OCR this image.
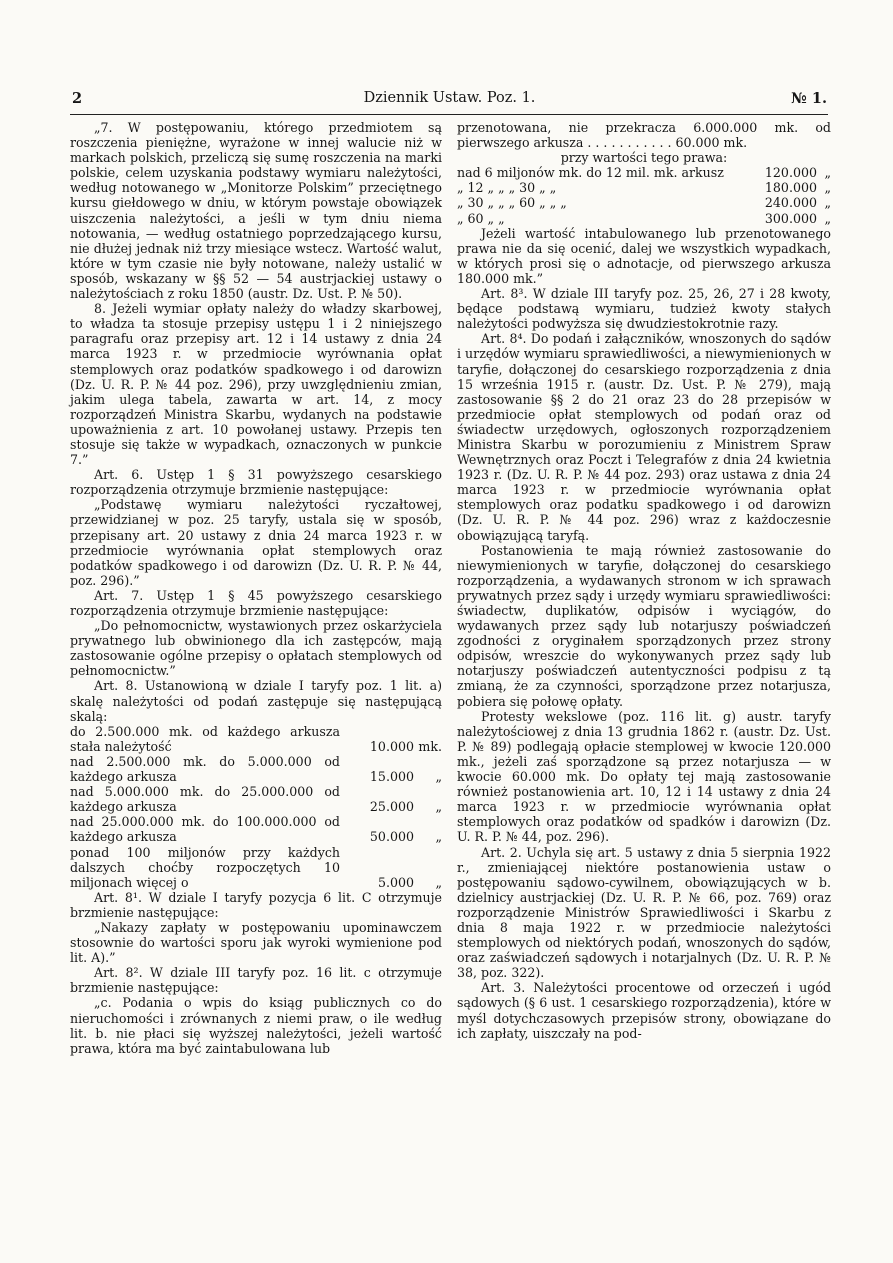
2	Dziennik Ustaw. Poz. 1.	№ 1.

„7. W postępowaniu, którego przedmiotem są roszczenia pieniężne, wyrażone w innej walucie niż w markach polskich, przeliczą się sumę roszczenia na marki polskie, celem uzyskania podstawy wymiaru należytości, według notowanego w „Monitorze Polskim” przeciętnego kursu giełdowego w dniu, w którym powstaje obowiązek uiszczenia należytości, a jeśli w tym dniu niema notowania, — według ostatniego poprzedzającego kursu, nie dłużej jednak niż trzy miesiące wstecz. Wartość walut, które w tym czasie nie były notowane, należy ustalić w sposób, wskazany w §§ 52 — 54 austrjackiej ustawy o należytościach z roku 1850 (austr. Dz. Ust. P. № 50).

8. Jeżeli wymiar opłaty należy do władzy skarbowej, to władza ta stosuje przepisy ustępu 1 i 2 niniejszego paragrafu oraz przepisy art. 12 i 14 ustawy z dnia 24 marca 1923 r. w przedmiocie wyrównania opłat stemplowych oraz podatków spadkowego i od darowizn (Dz. U. R. P. № 44 poz. 296), przy uwzględnieniu zmian, jakim ulega tabela, zawarta w art. 14, z mocy rozporządzeń Ministra Skarbu, wydanych na podstawie upoważnienia z art. 10 powołanej ustawy. Przepis ten stosuje się także w wypadkach, oznaczonych w punkcie 7.”

Art. 6. Ustęp 1 § 31 powyższego cesarskiego rozporządzenia otrzymuje brzmienie następujące:

„Podstawę wymiaru należytości ryczałtowej, przewidzianej w poz. 25 taryfy, ustala się w sposób, przepisany art. 20 ustawy z dnia 24 marca 1923 r. w przedmiocie wyrównania opłat stemplowych oraz podatków spadkowego i od darowizn (Dz. U. R. P. № 44, poz. 296).”

Art. 7. Ustęp 1 § 45 powyższego cesarskiego rozporządzenia otrzymuje brzmienie następujące:

„Do pełnomocnictw, wystawionych przez oskarżyciela prywatnego lub obwinionego dla ich zastępców, mają zastosowanie ogólne przepisy o opłatach stemplowych od pełnomocnictw.”

Art. 8. Ustanowioną w dziale I taryfy poz. 1 lit. a) skalę należytości od podań zastępuje się następującą skalą:

do 2.500.000 mk. od każdego arkusza stała należytość	10.000 mk.
nad 2.500.000 mk. do 5.000.000 od każdego arkusza	15.000	„
nad 5.000.000 mk. do 25.000.000 od każdego arkusza	25.000	„
nad 25.000.000 mk. do 100.000.000 od każdego arkusza	50.000	„
ponad 100 miljonów przy każdych dalszych choćby rozpoczętych 10 miljonach więcej o	5.000	„

Art. 8¹. W dziale I taryfy pozycja 6 lit. C otrzymuje brzmienie następujące:

„Nakazy zapłaty w postępowaniu upominawczem stosownie do wartości sporu jak wyroki wymienione pod lit. A).”

Art. 8². W dziale III taryfy poz. 16 lit. c otrzymuje brzmienie następujące:

„c. Podania o wpis do ksiąg publicznych co do nieruchomości i zrównanych z niemi praw, o ile według lit. b. nie płaci się wyższej należytości, jeżeli wartość prawa, która ma być zaintabulowana lub

przenotowana, nie przekracza 6.000.000 mk. od pierwszego arkusza . . . . . . . . . . . 60.000 mk.

przy wartości tego prawa:

nad 6 miljonów mk. do 12 mil. mk. arkusz	120.000 „
„ 12 „ „ „ 30 „ „	180.000 „
„ 30 „ „ „ 60 „ „ „	240.000 „
„ 60 „ „	300.000 „

Jeżeli wartość intabulowanego lub przenotowanego prawa nie da się ocenić, dalej we wszystkich wypadkach, w których prosi się o adnotacje, od pierwszego arkusza 180.000 mk.”

Art. 8³. W dziale III taryfy poz. 25, 26, 27 i 28 kwoty, będące podstawą wymiaru, tudzież kwoty stałych należytości podwyższa się dwudziestokrotnie razy.

Art. 8⁴. Do podań i załączników, wnoszonych do sądów i urzędów wymiaru sprawiedliwości, a niewymienionych w taryfie, dołączonej do cesarskiego rozporządzenia z dnia 15 września 1915 r. (austr. Dz. Ust. P. № 279), mają zastosowanie §§ 2 do 21 oraz 23 do 28 przepisów w przedmiocie opłat stemplowych od podań oraz od świadectw urzędowych, ogłoszonych rozporządzeniem Ministra Skarbu w porozumieniu z Ministrem Spraw Wewnętrznych oraz Poczt i Telegrafów z dnia 24 kwietnia 1923 r. (Dz. U. R. P. № 44 poz. 293) oraz ustawa z dnia 24 marca 1923 r. w przedmiocie wyrównania opłat stemplowych oraz podatku spadkowego i od darowizn (Dz. U. R. P. № 44 poz. 296) wraz z każdoczesnie obowiązującą taryfą.

Postanowienia te mają również zastosowanie do niewymienionych w taryfie, dołączonej do cesarskiego rozporządzenia, a wydawanych stronom w ich sprawach prywatnych przez sądy i urzędy wymiaru sprawiedliwości: świadectw, duplikatów, odpisów i wyciągów, do wydawanych przez sądy lub notarjuszy poświadczeń zgodności z oryginałem sporządzonych przez strony odpisów, wreszcie do wykonywanych przez sądy lub notarjuszy poświadczeń autentyczności podpisu z tą zmianą, że za czynności, sporządzone przez notarjusza, pobiera się połowę opłaty.

Protesty wekslowe (poz. 116 lit. g) austr. taryfy należytościowej z dnia 13 grudnia 1862 r. (austr. Dz. Ust. P. № 89) podlegają opłacie stemplowej w kwocie 120.000 mk., jeżeli zaś sporządzone są przez notarjusza — w kwocie 60.000 mk. Do opłaty tej mają zastosowanie również postanowienia art. 10, 12 i 14 ustawy z dnia 24 marca 1923 r. w przedmiocie wyrównania opłat stemplowych oraz podatków od spadków i darowizn (Dz. U. R. P. № 44, poz. 296).

Art. 2. Uchyla się art. 5 ustawy z dnia 5 sierpnia 1922 r., zmieniającej niektóre postanowienia ustaw o postępowaniu sądowo-cywilnem, obowiązujących w b. dzielnicy austrjackiej (Dz. U. R. P. № 66, poz. 769) oraz rozporządzenie Ministrów Sprawiedliwości i Skarbu z dnia 8 maja 1922 r. w przedmiocie należytości stemplowych od niektórych podań, wnoszonych do sądów, oraz zaświadczeń sądowych i notarjalnych (Dz. U. R. P. № 38, poz. 322).

Art. 3. Należytości procentowe od orzeczeń i ugód sądowych (§ 6 ust. 1 cesarskiego rozporządzenia), które w myśl dotychczasowych przepisów strony, obowiązane do ich zapłaty, uiszczały na pod-
